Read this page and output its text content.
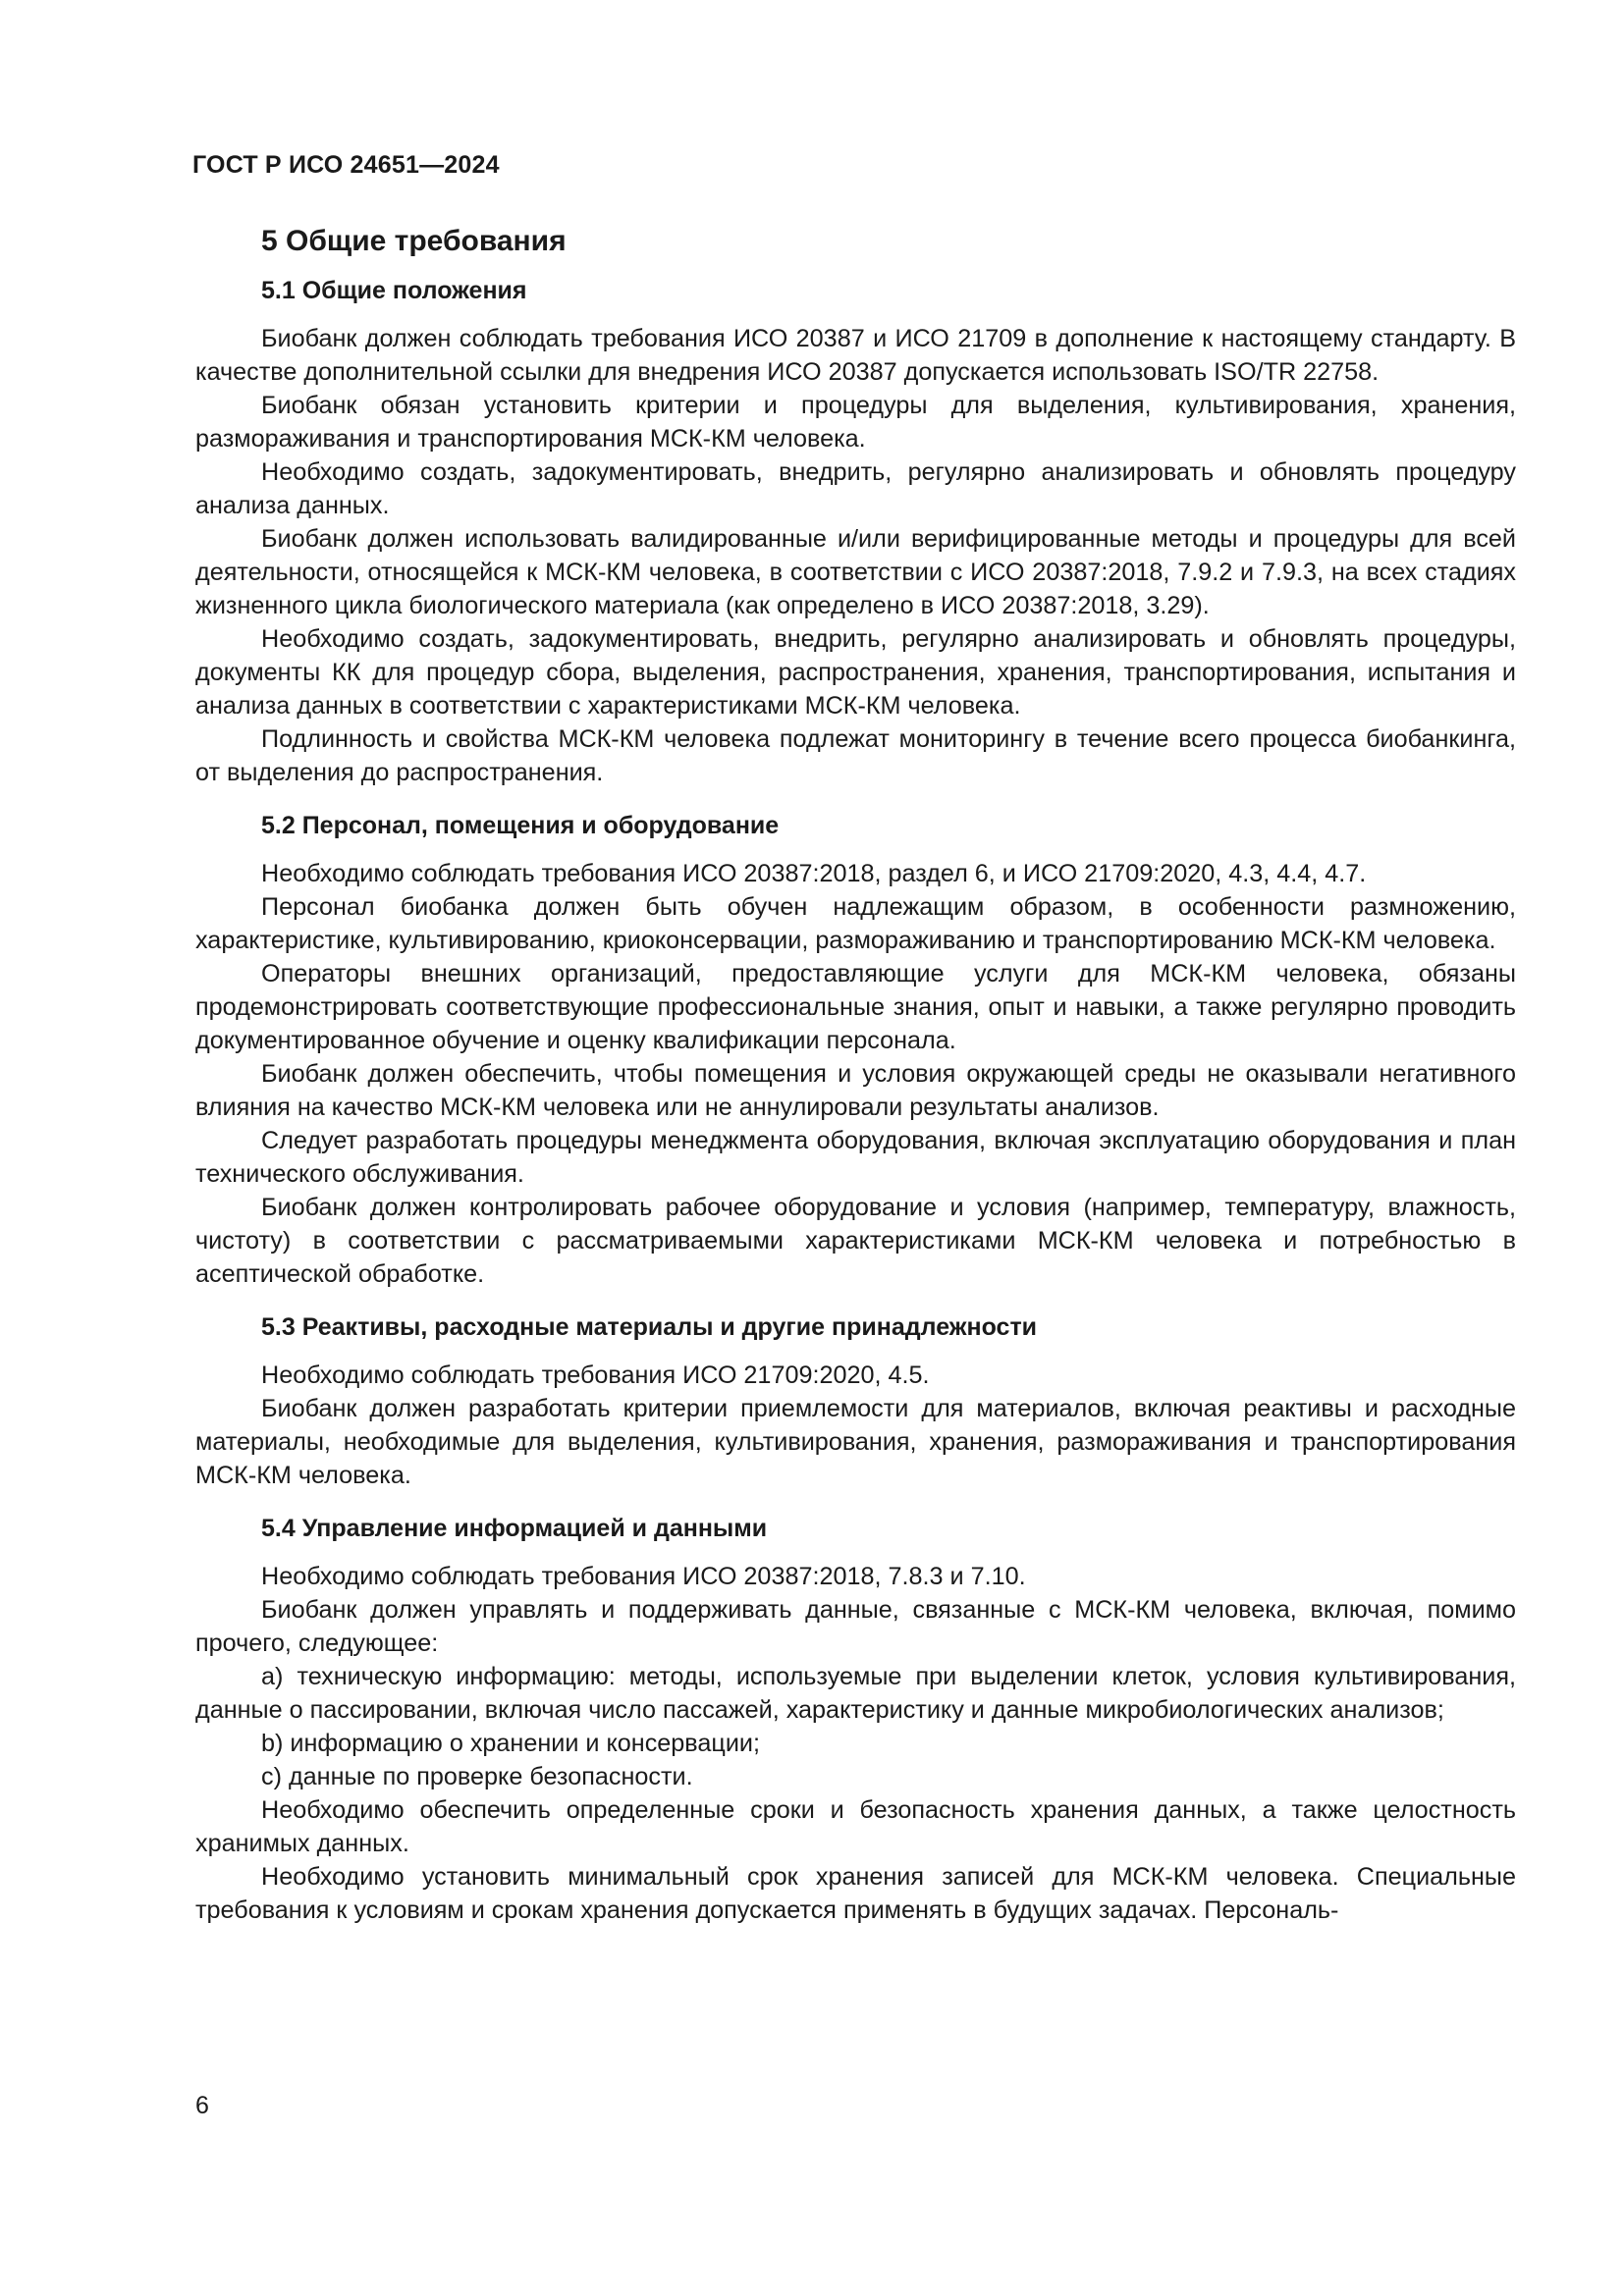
ГОСТ Р ИСО 24651—2024
5 Общие требования
5.1 Общие положения

Биобанк должен соблюдать требования ИСО 20387 и ИСО 21709 в дополнение к настоящему стандарту. В качестве дополнительной ссылки для внедрения ИСО 20387 допускается использовать ISO/TR 22758.

Биобанк обязан установить критерии и процедуры для выделения, культивирования, хранения, размораживания и транспортирования МСК-КМ человека.

Необходимо создать, задокументировать, внедрить, регулярно анализировать и обновлять процедуру анализа данных.

Биобанк должен использовать валидированные и/или верифицированные методы и процедуры для всей деятельности, относящейся к МСК-КМ человека, в соответствии с ИСО 20387:2018, 7.9.2 и 7.9.3, на всех стадиях жизненного цикла биологического материала (как определено в ИСО 20387:2018, 3.29).

Необходимо создать, задокументировать, внедрить, регулярно анализировать и обновлять процедуры, документы КК для процедур сбора, выделения, распространения, хранения, транспортирования, испытания и анализа данных в соответствии с характеристиками МСК-КМ человека.

Подлинность и свойства МСК-КМ человека подлежат мониторингу в течение всего процесса биобанкинга, от выделения до распространения.

5.2 Персонал, помещения и оборудование

Необходимо соблюдать требования ИСО 20387:2018, раздел 6, и ИСО 21709:2020, 4.3, 4.4, 4.7.

Персонал биобанка должен быть обучен надлежащим образом, в особенности размножению, характеристике, культивированию, криоконсервации, размораживанию и транспортированию МСК-КМ человека.

Операторы внешних организаций, предоставляющие услуги для МСК-КМ человека, обязаны продемонстрировать соответствующие профессиональные знания, опыт и навыки, а также регулярно проводить документированное обучение и оценку квалификации персонала.

Биобанк должен обеспечить, чтобы помещения и условия окружающей среды не оказывали негативного влияния на качество МСК-КМ человека или не аннулировали результаты анализов.

Следует разработать процедуры менеджмента оборудования, включая эксплуатацию оборудования и план технического обслуживания.

Биобанк должен контролировать рабочее оборудование и условия (например, температуру, влажность, чистоту) в соответствии с рассматриваемыми характеристиками МСК-КМ человека и потребностью в асептической обработке.

5.3 Реактивы, расходные материалы и другие принадлежности

Необходимо соблюдать требования ИСО 21709:2020, 4.5.

Биобанк должен разработать критерии приемлемости для материалов, включая реактивы и расходные материалы, необходимые для выделения, культивирования, хранения, размораживания и транспортирования МСК-КМ человека.

5.4 Управление информацией и данными

Необходимо соблюдать требования ИСО 20387:2018, 7.8.3 и 7.10.

Биобанк должен управлять и поддерживать данные, связанные с МСК-КМ человека, включая, помимо прочего, следующее:

a) техническую информацию: методы, используемые при выделении клеток, условия культивирования, данные о пассировании, включая число пассажей, характеристику и данные микробиологических анализов;

b) информацию о хранении и консервации;

c) данные по проверке безопасности.

Необходимо обеспечить определенные сроки и безопасность хранения данных, а также целостность хранимых данных.

Необходимо установить минимальный срок хранения записей для МСК-КМ человека. Специальные требования к условиям и срокам хранения допускается применять в будущих задачах. Персональ-

6
